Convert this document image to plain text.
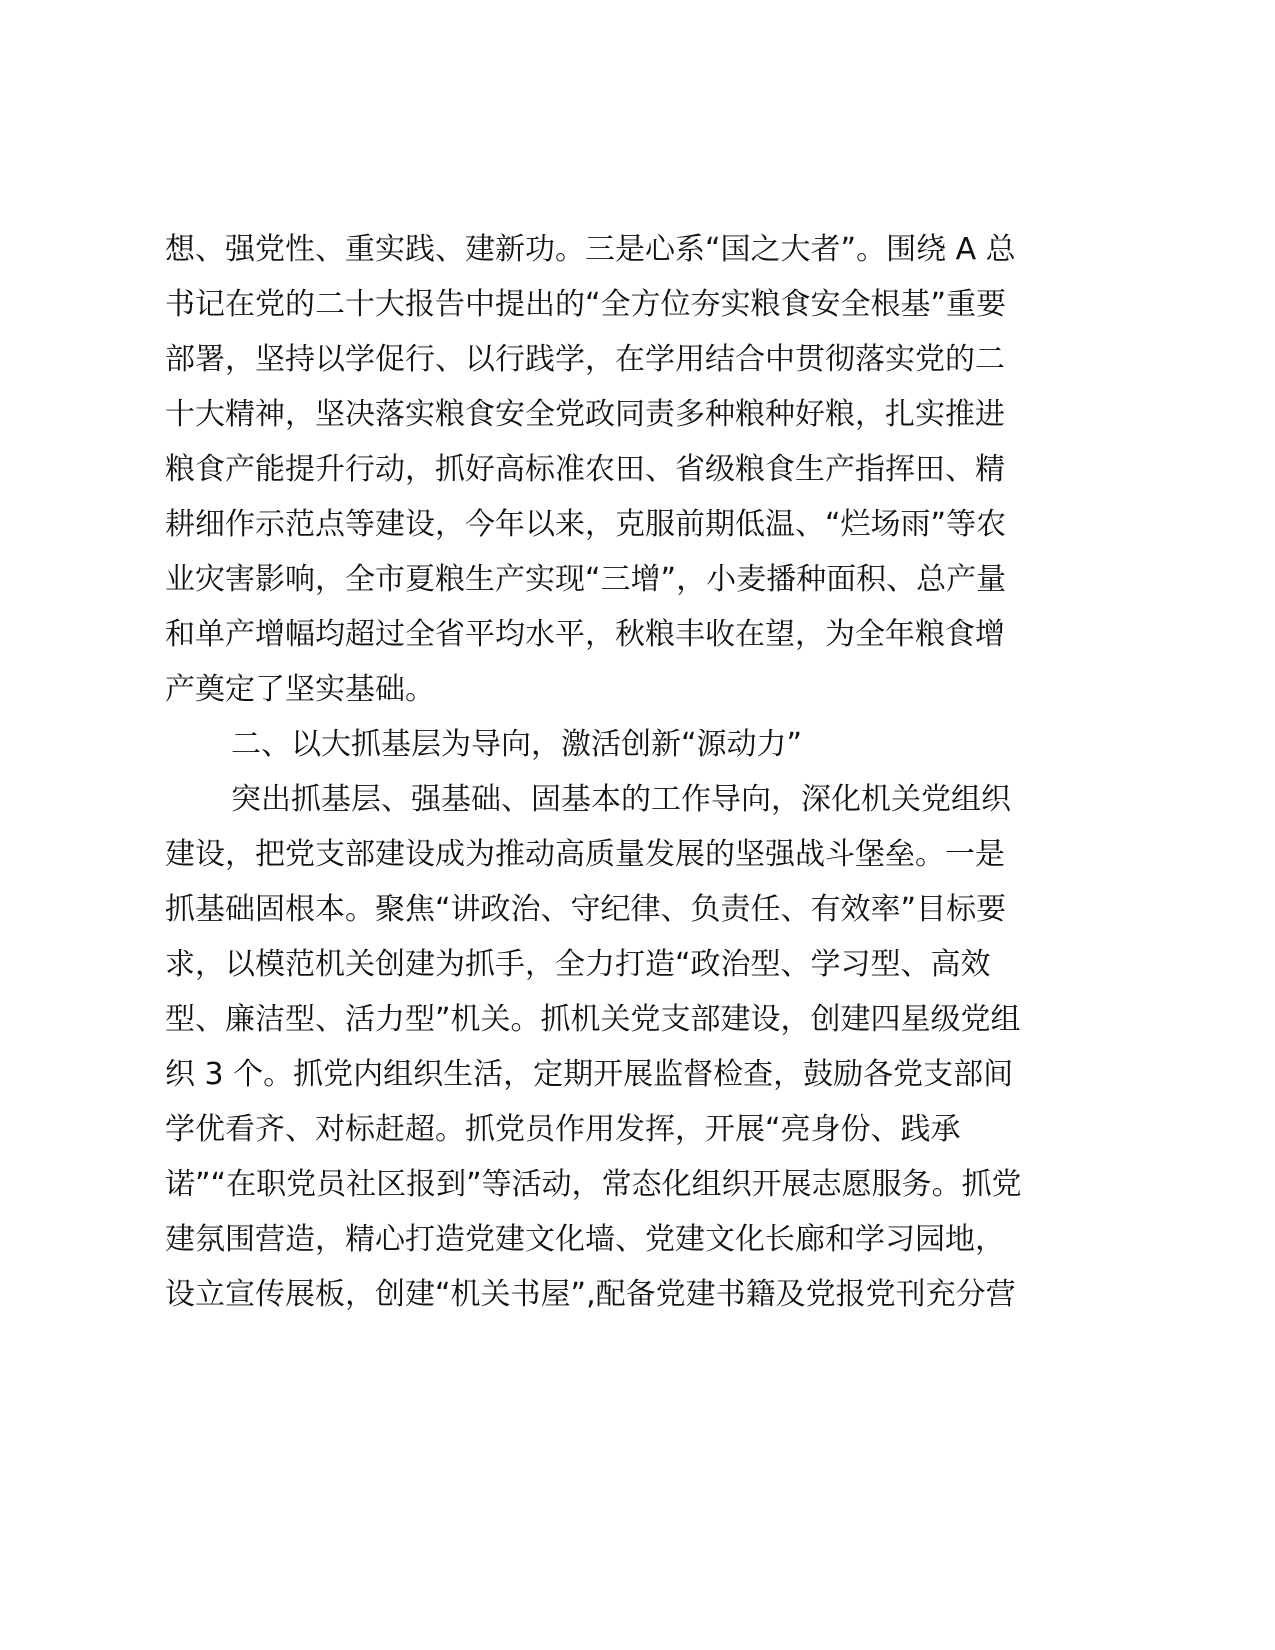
想、强党性、重实践、建新功。三是心系“国之大者”。围绕 A 总
书记在党的二十大报告中提出的“全方位夯实粮食安全根基”重要
部署，坚持以学促行、以行践学，在学用结合中贯彻落实党的二
十大精神，坚决落实粮食安全党政同责多种粮种好粮，扎实推进
粮食产能提升行动，抓好高标准农田、省级粮食生产指挥田、精
耕细作示范点等建设，今年以来，克服前期低温、“烂场雨”等农
业灾害影响，全市夏粮生产实现“三增”，小麦播种面积、总产量
和单产增幅均超过全省平均水平，秋粮丰收在望，为全年粮食增
产奠定了坚实基础。
二、以大抓基层为导向，激活创新“源动力”
突出抓基层、强基础、固基本的工作导向，深化机关党组织
建设，把党支部建设成为推动高质量发展的坚强战斗堡垒。一是
抓基础固根本。聚焦“讲政治、守纪律、负责任、有效率”目标要
求，以模范机关创建为抓手，全力打造“政治型、学习型、高效
型、廉洁型、活力型”机关。抓机关党支部建设，创建四星级党组
织 3 个。抓党内组织生活，定期开展监督检查，鼓励各党支部间
学优看齐、对标赶超。抓党员作用发挥，开展“亮身份、践承
诺”“在职党员社区报到”等活动，常态化组织开展志愿服务。抓党
建氛围营造，精心打造党建文化墙、党建文化长廊和学习园地，
设立宣传展板，创建“机关书屋”,配备党建书籍及党报党刊充分营
